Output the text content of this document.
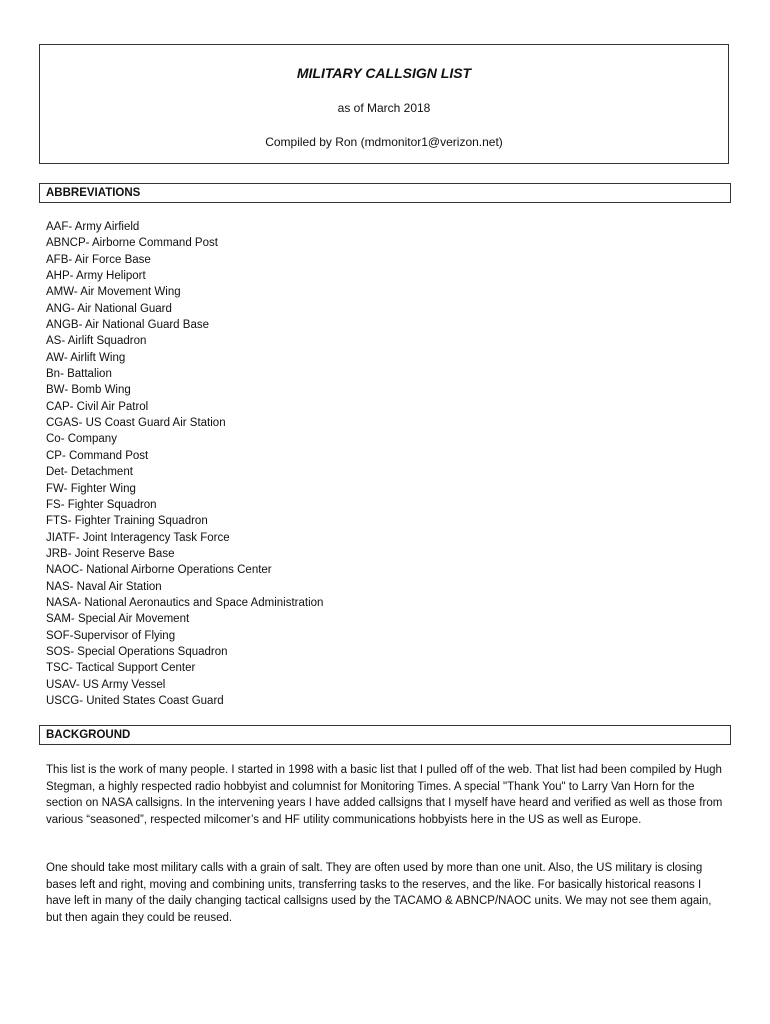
MILITARY CALLSIGN LIST
as of March 2018
Compiled by Ron (mdmonitor1@verizon.net)
ABBREVIATIONS
AAF- Army Airfield
ABNCP- Airborne Command Post
AFB- Air Force Base
AHP- Army Heliport
AMW- Air Movement Wing
ANG- Air National Guard
ANGB- Air National Guard Base
AS- Airlift Squadron
AW- Airlift Wing
Bn- Battalion
BW- Bomb Wing
CAP- Civil Air Patrol
CGAS- US Coast Guard Air Station
Co- Company
CP- Command Post
Det- Detachment
FW- Fighter Wing
FS- Fighter Squadron
FTS- Fighter Training Squadron
JIATF- Joint Interagency Task Force
JRB- Joint Reserve Base
NAOC- National Airborne Operations Center
NAS- Naval Air Station
NASA- National Aeronautics and Space Administration
SAM- Special Air Movement
SOF-Supervisor of Flying
SOS- Special Operations Squadron
TSC- Tactical Support Center
USAV- US Army Vessel
USCG- United States Coast Guard
BACKGROUND

This list is the work of many people. I started in 1998 with a basic list that I pulled off of the web. That list had been compiled by Hugh Stegman, a highly respected radio hobbyist and columnist for Monitoring Times. A special "Thank You" to Larry Van Horn for the section on NASA callsigns. In the intervening years I have added callsigns that I myself have heard and verified as well as those from various “seasoned”, respected milcomer’s and HF utility communications hobbyists here in the US as well as Europe.

One should take most military calls with a grain of salt. They are often used by more than one unit. Also, the US military is closing bases left and right, moving and combining units, transferring tasks to the reserves, and the like. For basically historical reasons I have left in many of the daily changing tactical callsigns used by the TACAMO & ABNCP/NAOC units. We may not see them again, but then again they could be reused.
